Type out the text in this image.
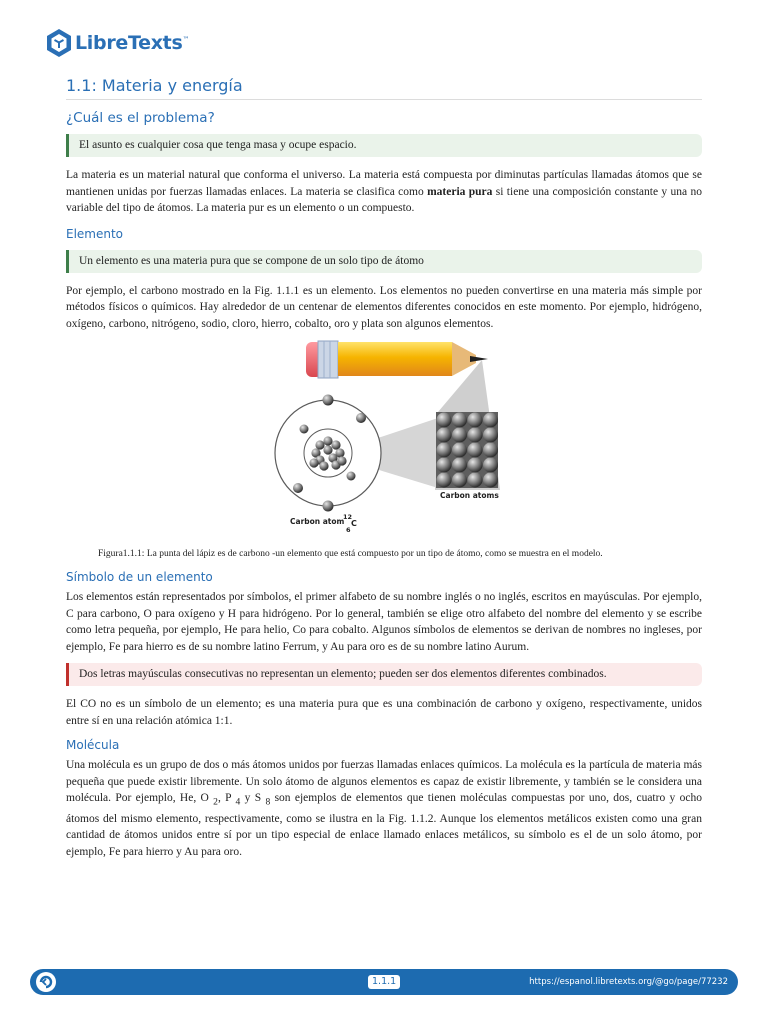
LibreTexts™
1.1: Materia y energía
¿Cuál es el problema?
El asunto es cualquier cosa que tenga masa y ocupe espacio.

La materia es un material natural que conforma el universo. La materia está compuesta por diminutas partículas llamadas átomos que se mantienen unidas por fuerzas llamadas enlaces. La materia se clasifica como materia pura si tiene una composición constante y una no variable del tipo de átomos. La materia pur es un elemento o un compuesto.

Elemento
Un elemento es una materia pura que se compone de un solo tipo de átomo

Por ejemplo, el carbono mostrado en la Fig. 1.1.1 es un elemento. Los elementos no pueden convertirse en una materia más simple por métodos físicos o químicos. Hay alrededor de un centenar de elementos diferentes conocidos en este momento. Por ejemplo, hidrógeno, oxígeno, carbono, nitrógeno, sodio, cloro, hierro, cobalto, oro y plata son algunos elementos.

Carbon atoms
Carbon atom
12
C
6
Figura1.1.1: La punta del lápiz es de carbono -un elemento que está compuesto por un tipo de átomo, como se muestra en el modelo.
Símbolo de un elemento

Los elementos están representados por símbolos, el primer alfabeto de su nombre inglés o no inglés, escritos en mayúsculas. Por ejemplo, C para carbono, O para oxígeno y H para hidrógeno. Por lo general, también se elige otro alfabeto del nombre del elemento y se escribe como letra pequeña, por ejemplo, He para helio, Co para cobalto. Algunos símbolos de elementos se derivan de nombres no ingleses, por ejemplo, Fe para hierro es de su nombre latino Ferrum, y Au para oro es de su nombre latino Aurum.

Dos letras mayúsculas consecutivas no representan un elemento; pueden ser dos elementos diferentes combinados.

El CO no es un símbolo de un elemento; es una materia pura que es una combinación de carbono y oxígeno, respectivamente, unidos entre sí en una relación atómica 1:1.

Molécula

Una molécula es un grupo de dos o más átomos unidos por fuerzas llamadas enlaces químicos. La molécula es la partícula de materia más pequeña que puede existir libremente. Un solo átomo de algunos elementos es capaz de existir libremente, y también se le considera una molécula. Por ejemplo, He, O $_2$, P $_4$ y S $_8$ son ejemplos de elementos que tienen moléculas compuestas por uno, dos, cuatro y ocho átomos del mismo elemento, respectivamente, como se ilustra en la Fig. 1.1.2. Aunque los elementos metálicos existen como una gran cantidad de átomos unidos entre sí por un tipo especial de enlace llamado enlaces metálicos, su símbolo es el de un solo átomo, por ejemplo, Fe para hierro y Au para oro.

1.1.1	https://espanol.libretexts.org/@go/page/77232
